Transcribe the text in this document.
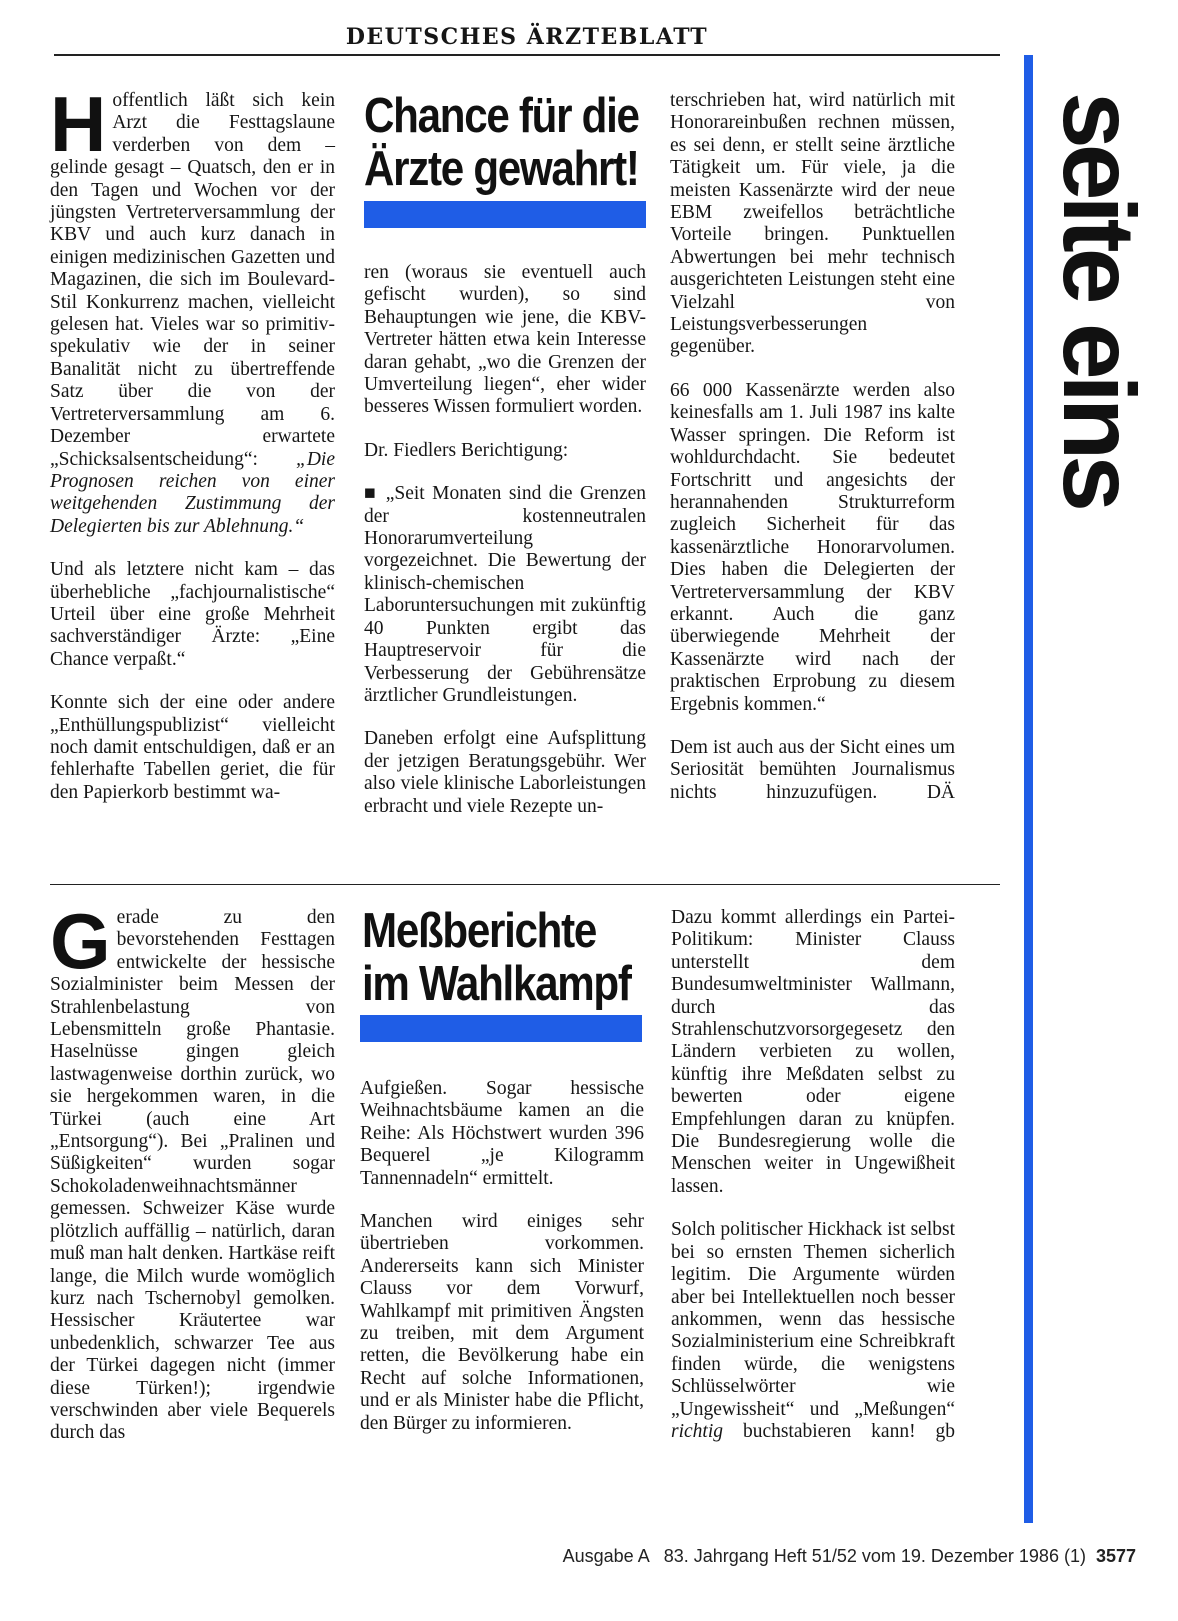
DEUTSCHES ÄRZTEBLATT
seite eins

Hoffentlich läßt sich kein Arzt die Festtagslaune verderben von dem – gelinde gesagt – Quatsch, den er in den Tagen und Wochen vor der jüngsten Vertreterversammlung der KBV und auch kurz danach in einigen medizinischen Gazetten und Magazinen, die sich im Boulevard-Stil Konkurrenz machen, vielleicht gelesen hat. Vieles war so primitiv-spekulativ wie der in seiner Banalität nicht zu übertreffende Satz über die von der Vertreterversammlung am 6. Dezember erwartete „Schicksalsentscheidung“: „Die Prognosen reichen von einer weitgehenden Zustimmung der Delegierten bis zur Ablehnung.“

Und als letztere nicht kam – das überhebliche „fachjournalistische“ Urteil über eine große Mehrheit sachverständiger Ärzte: „Eine Chance verpaßt.“

Konnte sich der eine oder andere „Enthüllungspublizist“ vielleicht noch damit entschuldigen, daß er an fehlerhafte Tabellen geriet, die für den Papierkorb bestimmt wa-

Chance für die
Ärzte gewahrt!

ren (woraus sie eventuell auch gefischt wurden), so sind Behauptungen wie jene, die KBV-Vertreter hätten etwa kein Interesse daran gehabt, „wo die Grenzen der Umverteilung liegen“, eher wider besseres Wissen formuliert worden.

Dr. Fiedlers Berichtigung:

■ „Seit Monaten sind die Grenzen der kostenneutralen Honorarumverteilung vorgezeichnet. Die Bewertung der klinisch-chemischen Laboruntersuchungen mit zukünftig 40 Punkten ergibt das Hauptreservoir für die Verbesserung der Gebührensätze ärztlicher Grundleistungen.

Daneben erfolgt eine Aufsplittung der jetzigen Beratungsgebühr. Wer also viele klinische Laborleistungen erbracht und viele Rezepte un-

terschrieben hat, wird natürlich mit Honorareinbußen rechnen müssen, es sei denn, er stellt seine ärztliche Tätigkeit um. Für viele, ja die meisten Kassenärzte wird der neue EBM zweifellos beträchtliche Vorteile bringen. Punktuellen Abwertungen bei mehr technisch ausgerichteten Leistungen steht eine Vielzahl von Leistungsverbesserungen gegenüber.

66 000 Kassenärzte werden also keinesfalls am 1. Juli 1987 ins kalte Wasser springen. Die Reform ist wohldurchdacht. Sie bedeutet Fortschritt und angesichts der herannahenden Strukturreform zugleich Sicherheit für das kassenärztliche Honorarvolumen. Dies haben die Delegierten der Vertreterversammlung der KBV erkannt. Auch die ganz überwiegende Mehrheit der Kassenärzte wird nach der praktischen Erprobung zu diesem Ergebnis kommen.“

Dem ist auch aus der Sicht eines um Seriosität bemühten Journalismus nichts hinzuzufügen.	DÄ

Gerade zu den bevorstehenden Festtagen entwickelte der hessische Sozialminister beim Messen der Strahlenbelastung von Lebensmitteln große Phantasie. Haselnüsse gingen gleich lastwagenweise dorthin zurück, wo sie hergekommen waren, in die Türkei (auch eine Art „Entsorgung“). Bei „Pralinen und Süßigkeiten“ wurden sogar Schokoladenweihnachtsmänner gemessen. Schweizer Käse wurde plötzlich auffällig – natürlich, daran muß man halt denken. Hartkäse reift lange, die Milch wurde womöglich kurz nach Tschernobyl gemolken. Hessischer Kräutertee war unbedenklich, schwarzer Tee aus der Türkei dagegen nicht (immer diese Türken!); irgendwie verschwinden aber viele Bequerels durch das

Meßberichte
im Wahlkampf

Aufgießen. Sogar hessische Weihnachtsbäume kamen an die Reihe: Als Höchstwert wurden 396 Bequerel „je Kilogramm Tannennadeln“ ermittelt.

Manchen wird einiges sehr übertrieben vorkommen. Andererseits kann sich Minister Clauss vor dem Vorwurf, Wahlkampf mit primitiven Ängsten zu treiben, mit dem Argument retten, die Bevölkerung habe ein Recht auf solche Informationen, und er als Minister habe die Pflicht, den Bürger zu informieren.

Dazu kommt allerdings ein Partei-Politikum: Minister Clauss unterstellt dem Bundesumweltminister Wallmann, durch das Strahlenschutzvorsorgegesetz den Ländern verbieten zu wollen, künftig ihre Meßdaten selbst zu bewerten oder eigene Empfehlungen daran zu knüpfen. Die Bundesregierung wolle die Menschen weiter in Ungewißheit lassen.

Solch politischer Hickhack ist selbst bei so ernsten Themen sicherlich legitim. Die Argumente würden aber bei Intellektuellen noch besser ankommen, wenn das hessische Sozialministerium eine Schreibkraft finden würde, die wenigstens Schlüsselwörter wie „Ungewissheit“ und „Meßungen“ richtig buchstabieren kann! gb

Ausgabe A   83. Jahrgang Heft 51/52 vom 19. Dezember 1986 (1) 3577
